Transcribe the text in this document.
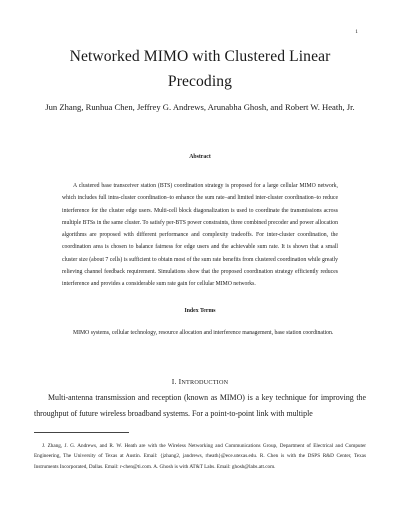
1
Networked MIMO with Clustered Linear Precoding
Jun Zhang, Runhua Chen, Jeffrey G. Andrews, Arunabha Ghosh, and Robert W. Heath, Jr.
Abstract
A clustered base transceiver station (BTS) coordination strategy is proposed for a large cellular MIMO network, which includes full intra-cluster coordination–to enhance the sum rate–and limited inter-cluster coordination–to reduce interference for the cluster edge users. Multi-cell block diagonalization is used to coordinate the transmissions across multiple BTSs in the same cluster. To satisfy per-BTS power constraints, three combined precoder and power allocation algorithms are proposed with different performance and complexity tradeoffs. For inter-cluster coordination, the coordination area is chosen to balance fairness for edge users and the achievable sum rate. It is shown that a small cluster size (about 7 cells) is sufficient to obtain most of the sum rate benefits from clustered coordination while greatly relieving channel feedback requirement. Simulations show that the proposed coordination strategy efficiently reduces interference and provides a considerable sum rate gain for cellular MIMO networks.
Index Terms
MIMO systems, cellular technology, resource allocation and interference management, base station coordination.
I. INTRODUCTION
Multi-antenna transmission and reception (known as MIMO) is a key technique for improving the throughput of future wireless broadband systems. For a point-to-point link with multiple
J. Zhang, J. G. Andrews, and R. W. Heath are with the Wireless Networking and Communications Group, Department of Electrical and Computer Engineering, The University of Texas at Austin. Email: {jzhang2, jandrews, rheath}@ece.utexas.edu. R. Chen is with the DSPS R&D Center, Texas Instruments Incorporated, Dallas. Email: r-chen@ti.com. A. Ghosh is with AT&T Labs. Email: ghosh@labs.att.com.
